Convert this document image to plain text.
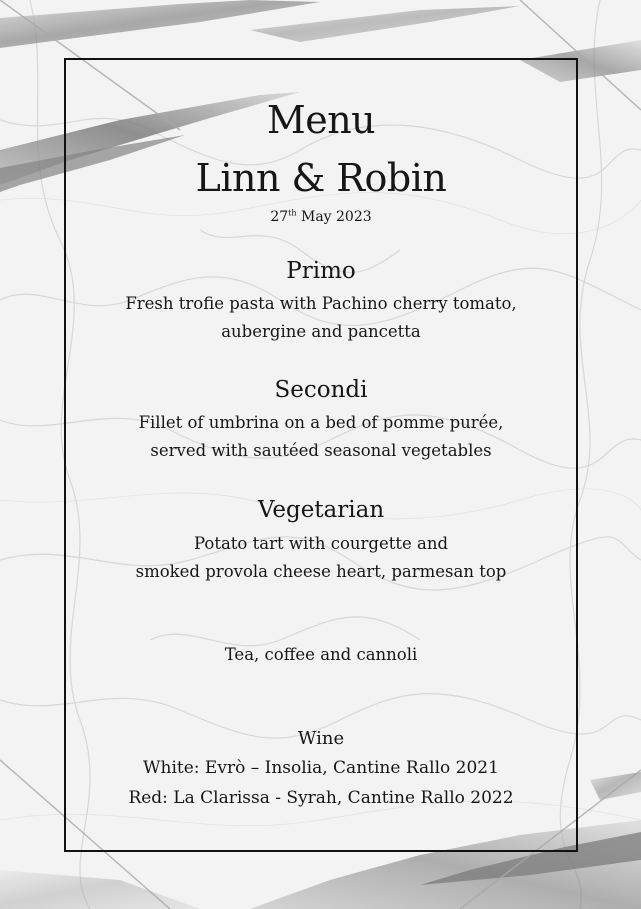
Menu
Linn & Robin
27th May 2023
Primo
Fresh trofie pasta with Pachino cherry tomato,
aubergine and pancetta
Secondi
Fillet of umbrina on a bed of pomme purée,
served with sautéed seasonal vegetables
Vegetarian
Potato tart with courgette and
smoked provola cheese heart, parmesan top
Tea, coffee and cannoli
Wine
White: Evrò – Insolia, Cantine Rallo 2021
Red: La Clarissa - Syrah, Cantine Rallo 2022
